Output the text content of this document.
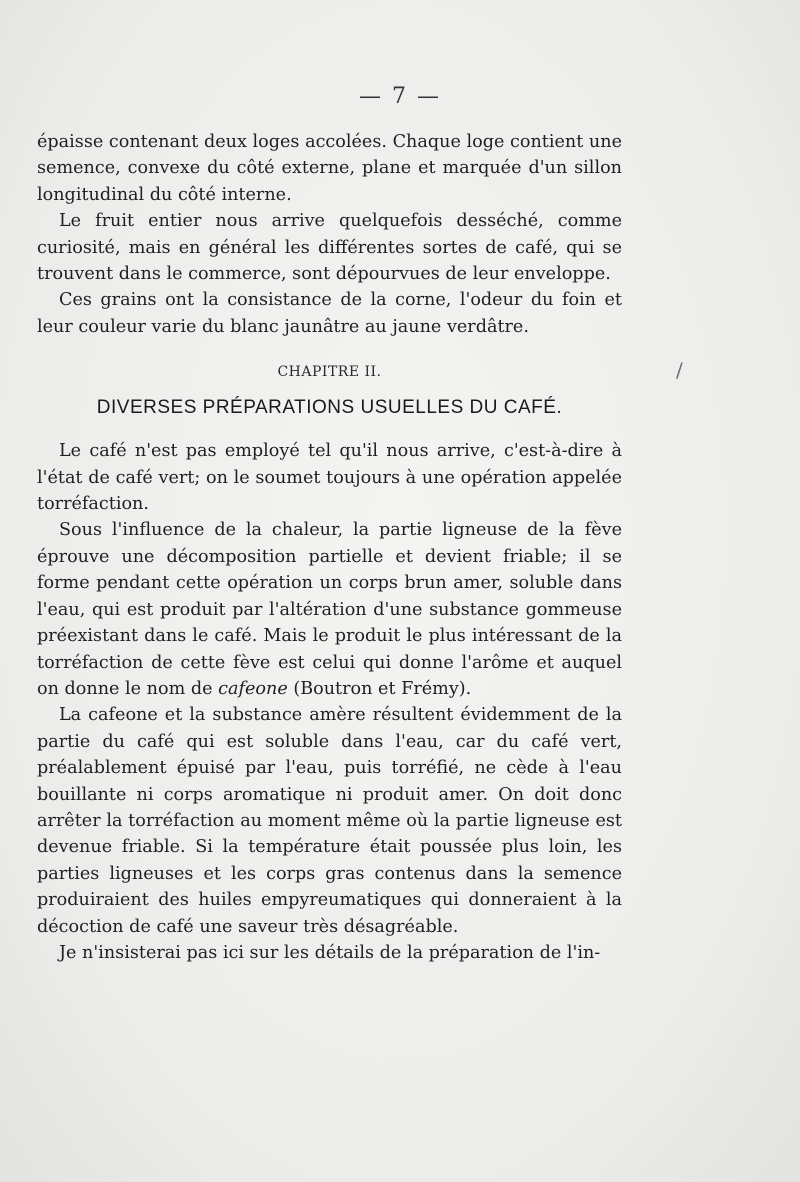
— 7 —

épaisse contenant deux loges accolées. Chaque loge contient une semence, convexe du côté externe, plane et marquée d'un sillon longitudinal du côté interne.

Le fruit entier nous arrive quelquefois desséché, comme curiosité, mais en général les différentes sortes de café, qui se trouvent dans le commerce, sont dépourvues de leur enveloppe.

Ces grains ont la consistance de la corne, l'odeur du foin et leur couleur varie du blanc jaunâtre au jaune verdâtre.

CHAPITRE II.

DIVERSES PRÉPARATIONS USUELLES DU CAFÉ.

Le café n'est pas employé tel qu'il nous arrive, c'est-à-dire à l'état de café vert; on le soumet toujours à une opération appelée torréfaction.

Sous l'influence de la chaleur, la partie ligneuse de la fève éprouve une décomposition partielle et devient friable; il se forme pendant cette opération un corps brun amer, soluble dans l'eau, qui est produit par l'altération d'une substance gommeuse préexistant dans le café. Mais le produit le plus intéressant de la torréfaction de cette fève est celui qui donne l'arôme et auquel on donne le nom de cafeone (Boutron et Frémy).

La cafeone et la substance amère résultent évidemment de la partie du café qui est soluble dans l'eau, car du café vert, préalablement épuisé par l'eau, puis torréfié, ne cède à l'eau bouillante ni corps aromatique ni produit amer. On doit donc arrêter la torréfaction au moment même où la partie ligneuse est devenue friable. Si la température était poussée plus loin, les parties ligneuses et les corps gras contenus dans la semence produiraient des huiles empyreumatiques qui donneraient à la décoction de café une saveur très désagréable.

Je n'insisterai pas ici sur les détails de la préparation de l'in-

/
